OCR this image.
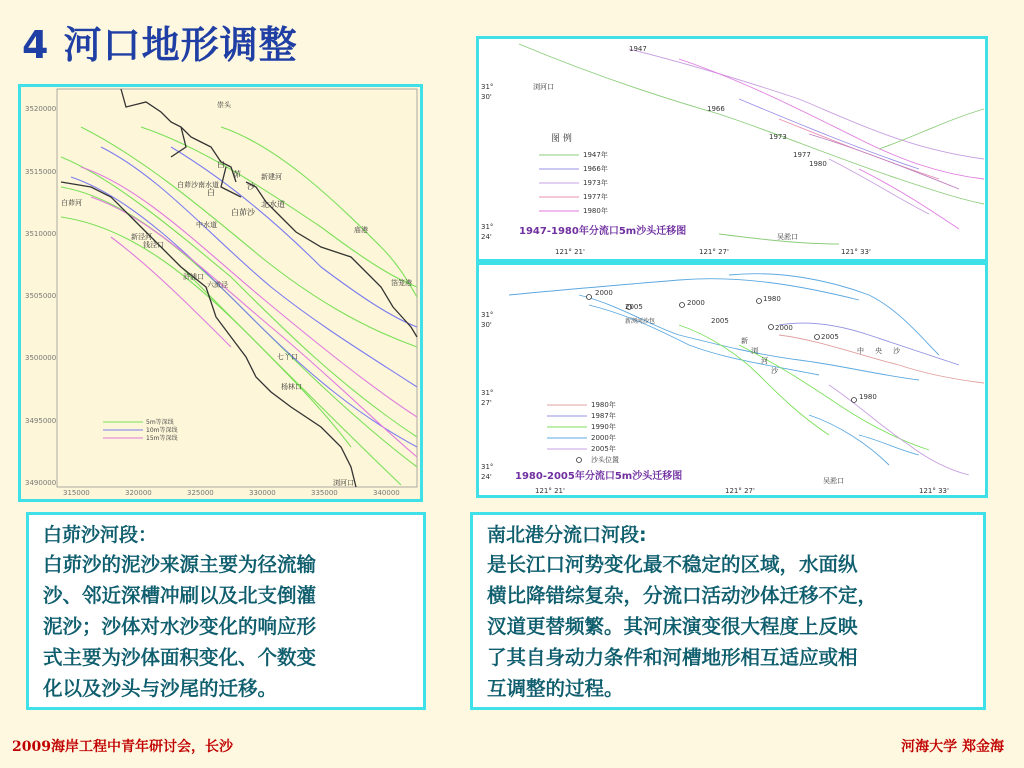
4 河口地形调整
3520000
3515000
3510000
3505000
3500000
3495000
3490000
315000	320000	325000	330000	335000	340000
5m等深线
10m等深线
15m等深线
崇头
白
茆
沙
新建河
白
白茆沙
北水道
白茆沙南水道
中水道
白茆河
新泾河
钱泾口
浒浦口
六滧泾
庙港
箔笼港
七丫口
杨林口
浏河口
1947
1966
1973
1977
1980
浏河口
吴淞口
31°
30'
31°
24'
121° 21'	121° 27'	121° 33'
图 例
1947年
1966年
1973年
1977年
1980年
1947-1980年分流口5m沙头迁移图
2000
2005	2000	1980
2005
2000
2005
1980
新浏河沙包
新
浏
河
沙
中 央 沙
吴淞口
31°
30'
31°
27'
31°
24'
121° 21'	121° 27'	121° 33'
1980年
1987年
1990年
2000年
2005年
沙头位置
1980-2005年分流口5m沙头迁移图
白茆沙河段：
白茆沙的泥沙来源主要为径流输
沙、邻近深槽冲刷以及北支倒灌
泥沙；沙体对水沙变化的响应形
式主要为沙体面积变化、个数变
化以及沙头与沙尾的迁移。
南北港分流口河段:
是长江口河势变化最不稳定的区域，水面纵
横比降错综复杂，分流口活动沙体迁移不定，
汊道更替频繁。其河床演变很大程度上反映
了其自身动力条件和河槽地形相互适应或相
互调整的过程。
2009海岸工程中青年研讨会，长沙	河海大学 郑金海
